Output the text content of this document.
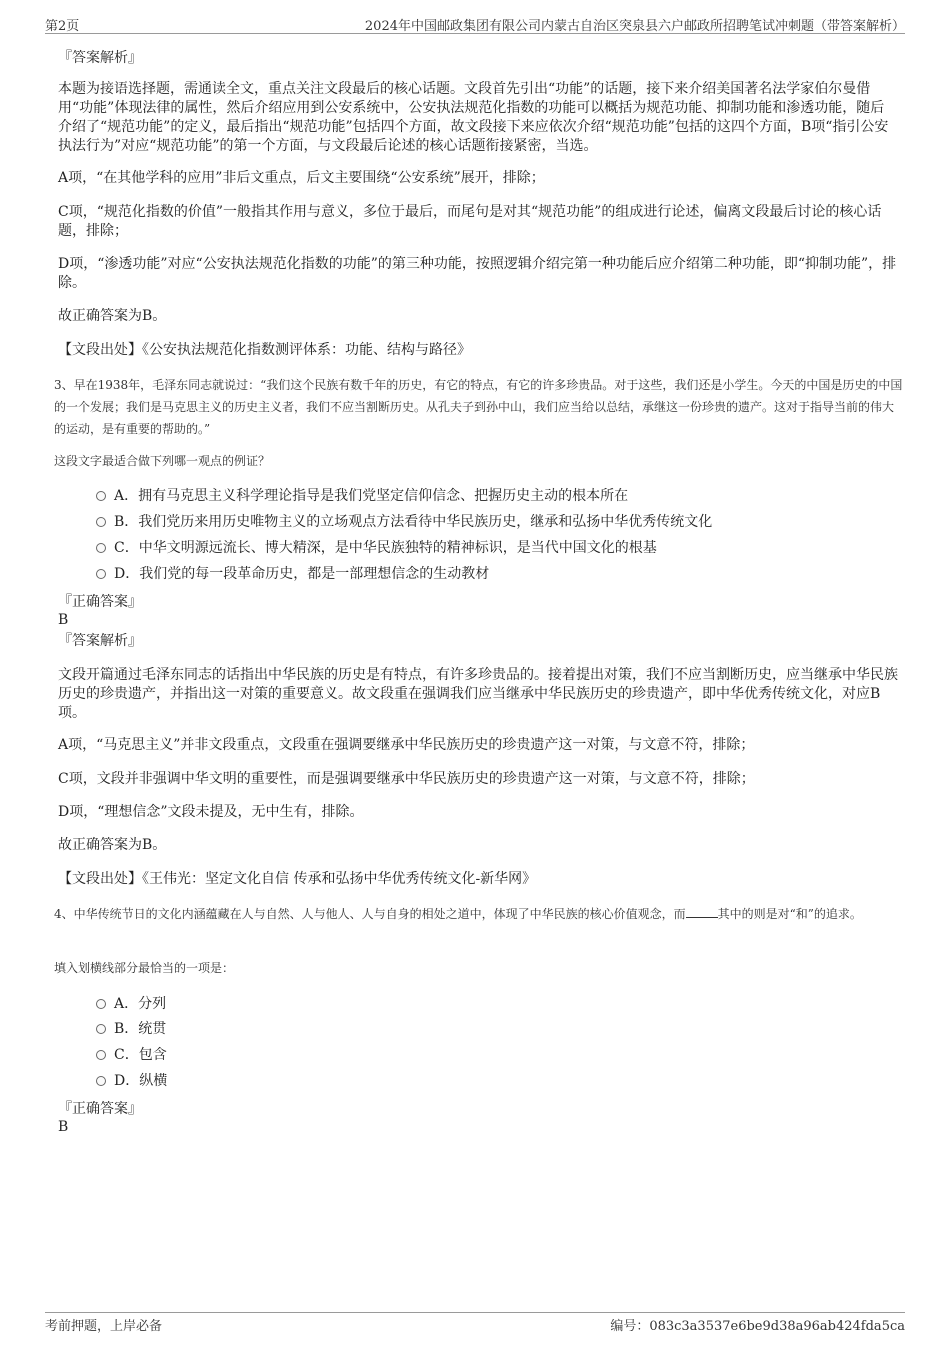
第2页	2024年中国邮政集团有限公司内蒙古自治区突泉县六户邮政所招聘笔试冲刺题（带答案解析）
『答案解析』
本题为接语选择题，需通读全文，重点关注文段最后的核心话题。文段首先引出“功能”的话题，接下来介绍美国著名法学家伯尔曼借用“功能”体现法律的属性，然后介绍应用到公安系统中，公安执法规范化指数的功能可以概括为规范功能、抑制功能和渗透功能，随后介绍了“规范功能”的定义，最后指出“规范功能”包括四个方面，故文段接下来应依次介绍“规范功能”包括的这四个方面，B项“指引公安执法行为”对应“规范功能”的第一个方面，与文段最后论述的核心话题衔接紧密，当选。
A项，“在其他学科的应用”非后文重点，后文主要围绕“公安系统”展开，排除；
C项，“规范化指数的价值”一般指其作用与意义，多位于最后，而尾句是对其“规范功能”的组成进行论述，偏离文段最后讨论的核心话题，排除；
D项，“渗透功能”对应“公安执法规范化指数的功能”的第三种功能，按照逻辑介绍完第一种功能后应介绍第二种功能，即“抑制功能”，排除。
故正确答案为B。
【文段出处】《公安执法规范化指数测评体系：功能、结构与路径》
3、早在1938年，毛泽东同志就说过：“我们这个民族有数千年的历史，有它的特点，有它的许多珍贵品。对于这些，我们还是小学生。今天的中国是历史的中国的一个发展；我们是马克思主义的历史主义者，我们不应当割断历史。从孔夫子到孙中山，我们应当给以总结，承继这一份珍贵的遗产。这对于指导当前的伟大的运动，是有重要的帮助的。”
这段文字最适合做下列哪一观点的例证？
A．拥有马克思主义科学理论指导是我们党坚定信仰信念、把握历史主动的根本所在
B．我们党历来用历史唯物主义的立场观点方法看待中华民族历史，继承和弘扬中华优秀传统文化
C．中华文明源远流长、博大精深，是中华民族独特的精神标识，是当代中国文化的根基
D．我们党的每一段革命历史，都是一部理想信念的生动教材
『正确答案』
B
『答案解析』
文段开篇通过毛泽东同志的话指出中华民族的历史是有特点，有许多珍贵品的。接着提出对策，我们不应当割断历史，应当继承中华民族历史的珍贵遗产，并指出这一对策的重要意义。故文段重在强调我们应当继承中华民族历史的珍贵遗产，即中华优秀传统文化，对应B项。
A项，“马克思主义”并非文段重点，文段重在强调要继承中华民族历史的珍贵遗产这一对策，与文意不符，排除；
C项，文段并非强调中华文明的重要性，而是强调要继承中华民族历史的珍贵遗产这一对策，与文意不符，排除；
D项，“理想信念”文段未提及，无中生有，排除。
故正确答案为B。
【文段出处】《王伟光：坚定文化自信 传承和弘扬中华优秀传统文化-新华网》
4、中华传统节日的文化内涵蕴藏在人与自然、人与他人、人与自身的相处之道中，体现了中华民族的核心价值观念，而	其中的则是对“和”的追求。
填入划横线部分最恰当的一项是：
A．分列
B．统贯
C．包含
D．纵横
『正确答案』
B
考前押题，上岸必备	编号：083c3a3537e6be9d38a96ab424fda5ca
